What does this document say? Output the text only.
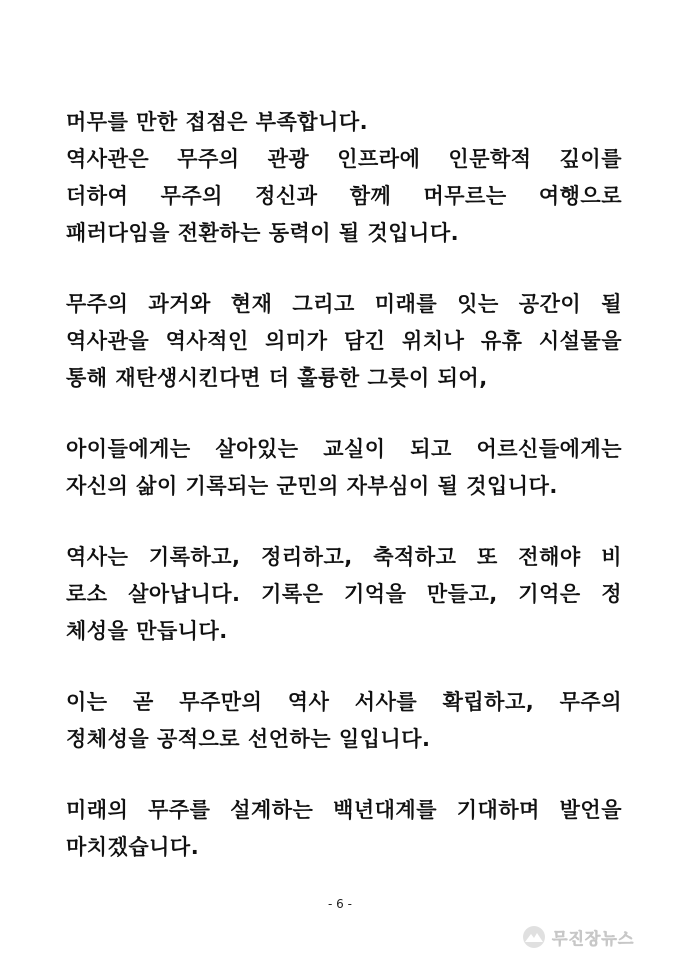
머무를 만한 접점은 부족합니다.
역사관은 무주의 관광 인프라에 인문학적 깊이를
더하여 무주의 정신과 함께 머무르는 여행으로
패러다임을 전환하는 동력이 될 것입니다.
무주의 과거와 현재 그리고 미래를 잇는 공간이 될
역사관을 역사적인 의미가 담긴 위치나 유휴 시설물을
통해 재탄생시킨다면 더 훌륭한 그릇이 되어,
아이들에게는 살아있는 교실이 되고 어르신들에게는
자신의 삶이 기록되는 군민의 자부심이 될 것입니다.
역사는 기록하고, 정리하고, 축적하고 또 전해야 비
로소 살아납니다. 기록은 기억을 만들고, 기억은 정
체성을 만듭니다.
이는 곧 무주만의 역사 서사를 확립하고, 무주의
정체성을 공적으로 선언하는 일입니다.
미래의 무주를 설계하는 백년대계를 기대하며 발언을
마치겠습니다.
- 6 -
무진장뉴스
